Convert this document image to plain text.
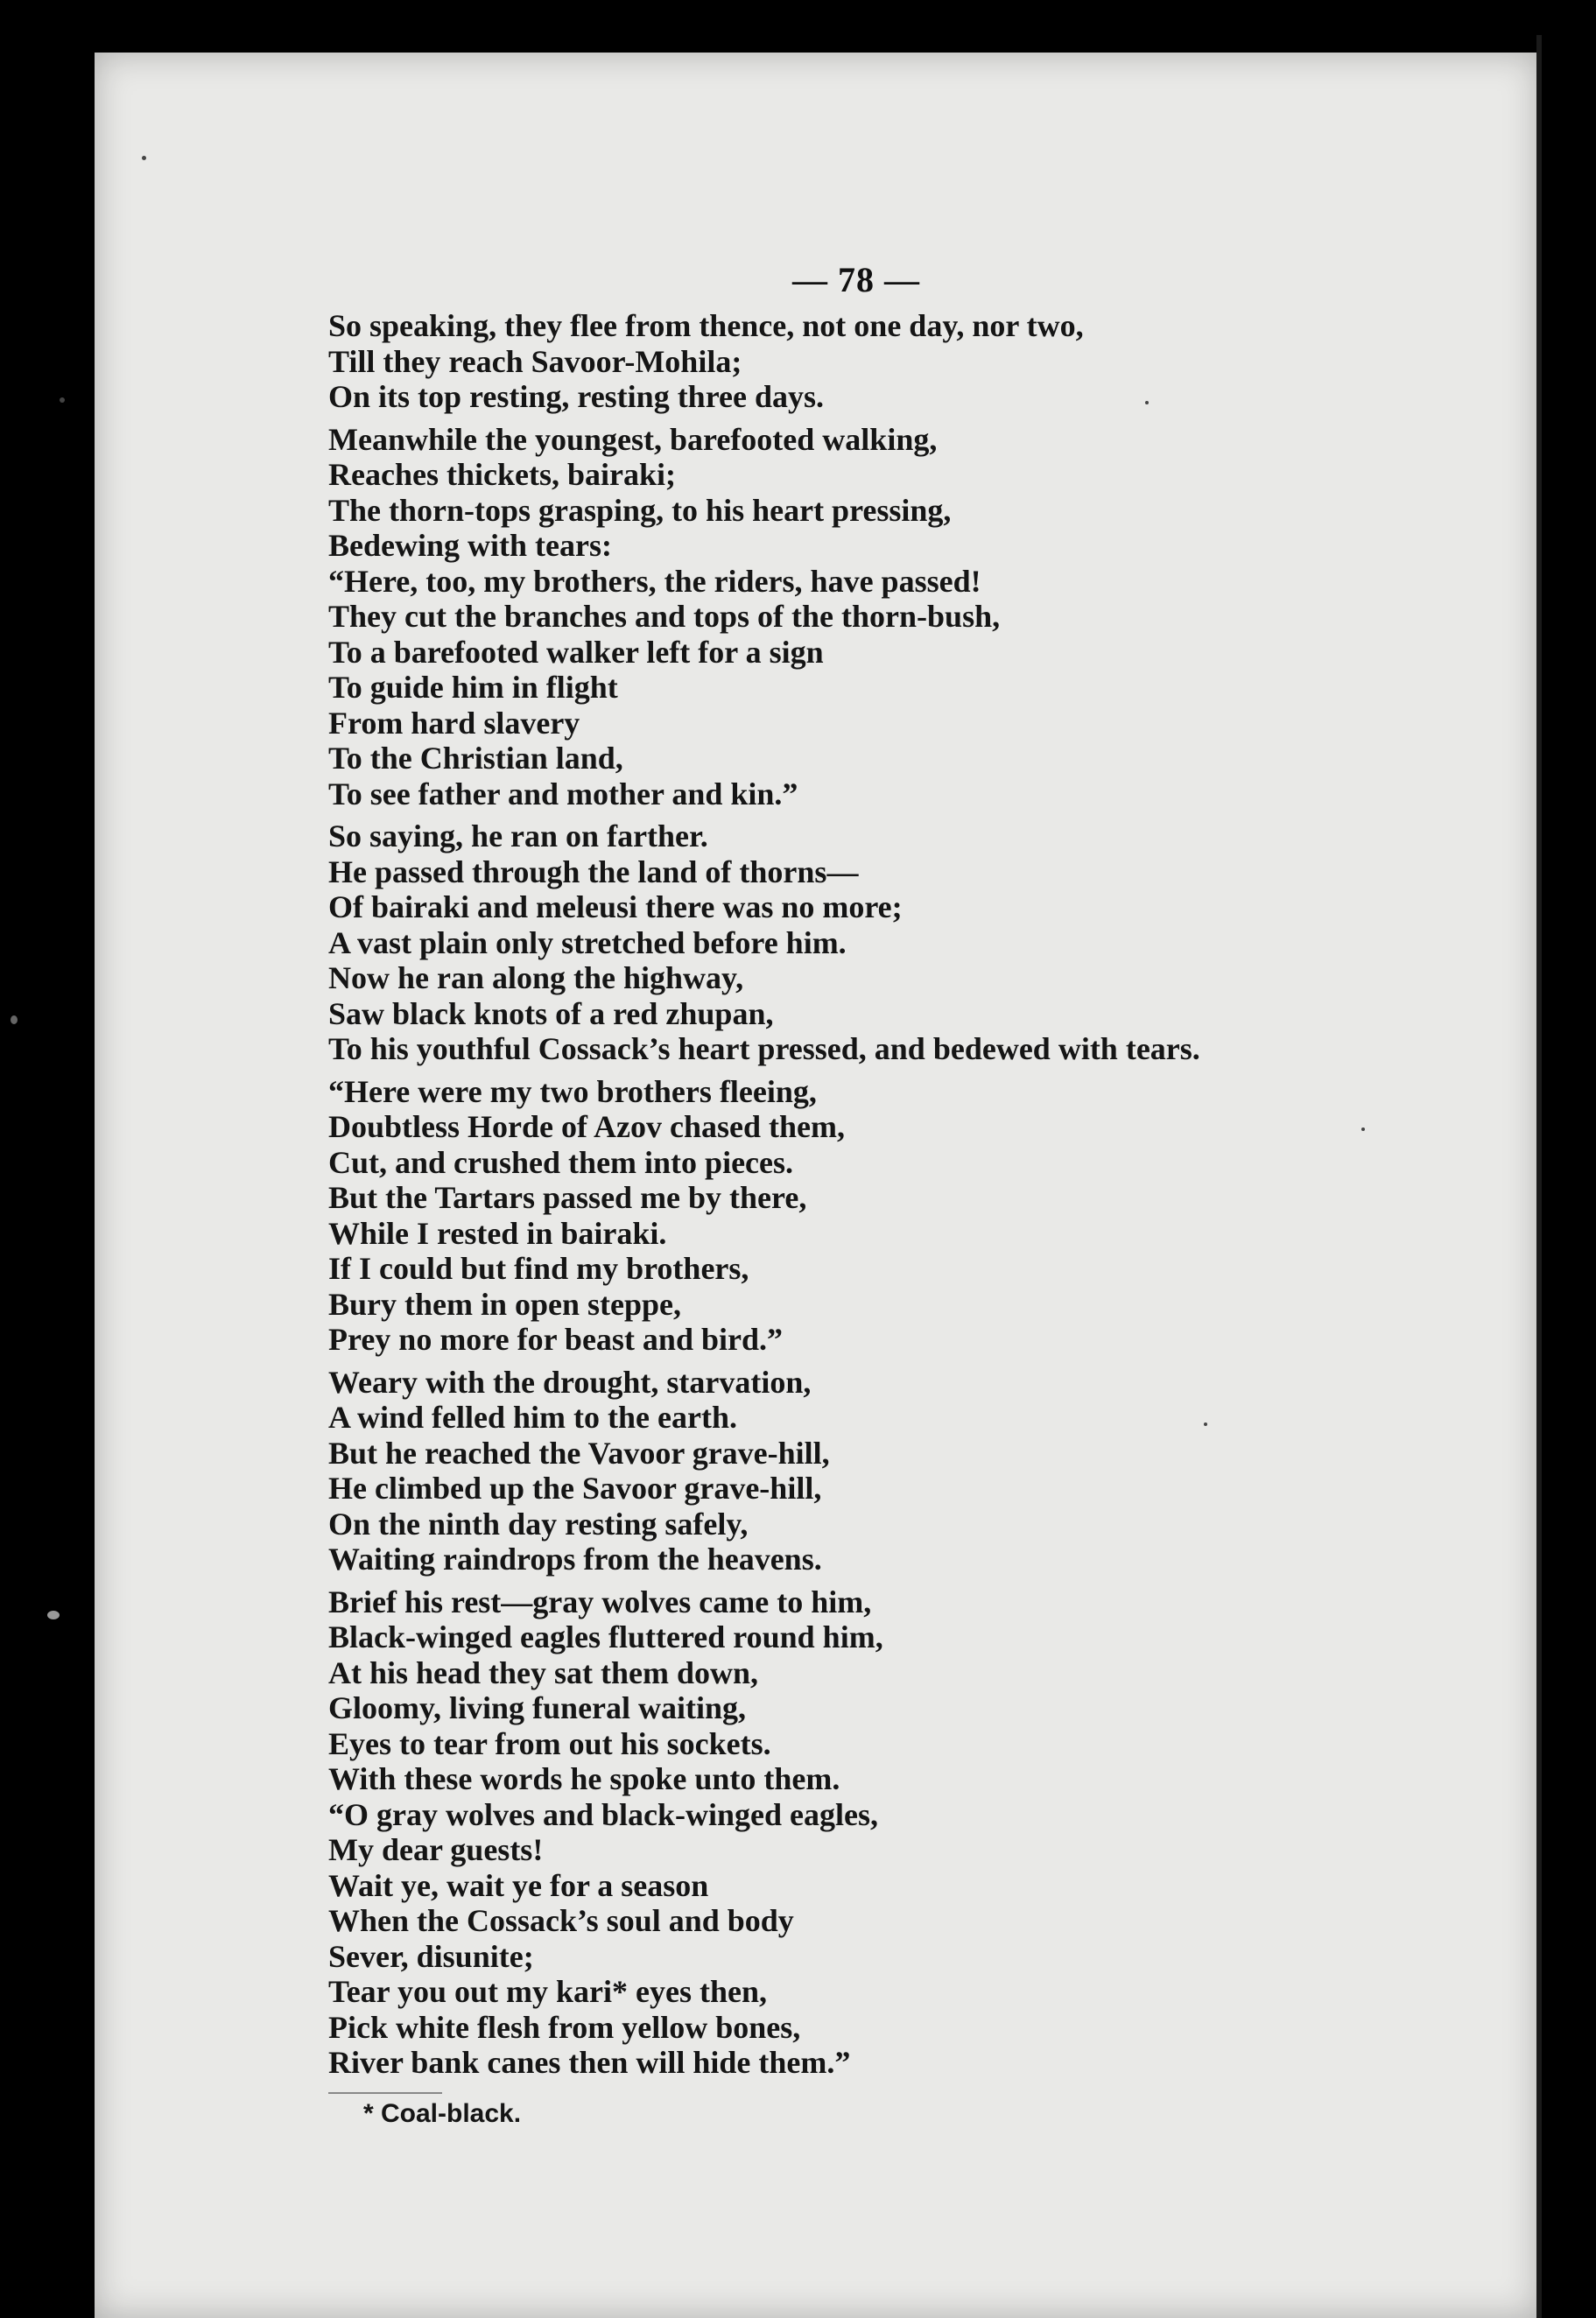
— 78 —
So speaking, they flee from thence, not one day, nor two,
Till they reach Savoor-Mohila;
On its top resting, resting three days.
Meanwhile the youngest, barefooted walking,
Reaches thickets, bairaki;
The thorn-tops grasping, to his heart pressing,
Bedewing with tears:
“Here, too, my brothers, the riders, have passed!
They cut the branches and tops of the thorn-bush,
To a barefooted walker left for a sign
To guide him in flight
From hard slavery
To the Christian land,
To see father and mother and kin.”
So saying, he ran on farther.
He passed through the land of thorns—
Of bairaki and meleusi there was no more;
A vast plain only stretched before him.
Now he ran along the highway,
Saw black knots of a red zhupan,
To his youthful Cossack’s heart pressed, and bedewed with tears.
“Here were my two brothers fleeing,
Doubtless Horde of Azov chased them,
Cut, and crushed them into pieces.
But the Tartars passed me by there,
While I rested in bairaki.
If I could but find my brothers,
Bury them in open steppe,
Prey no more for beast and bird.”
Weary with the drought, starvation,
A wind felled him to the earth.
But he reached the Vavoor grave-hill,
He climbed up the Savoor grave-hill,
On the ninth day resting safely,
Waiting raindrops from the heavens.
Brief his rest—gray wolves came to him,
Black-winged eagles fluttered round him,
At his head they sat them down,
Gloomy, living funeral waiting,
Eyes to tear from out his sockets.
With these words he spoke unto them.
“O gray wolves and black-winged eagles,
My dear guests!
Wait ye, wait ye for a season
When the Cossack’s soul and body
Sever, disunite;
Tear you out my kari* eyes then,
Pick white flesh from yellow bones,
River bank canes then will hide them.”
* Coal-black.
